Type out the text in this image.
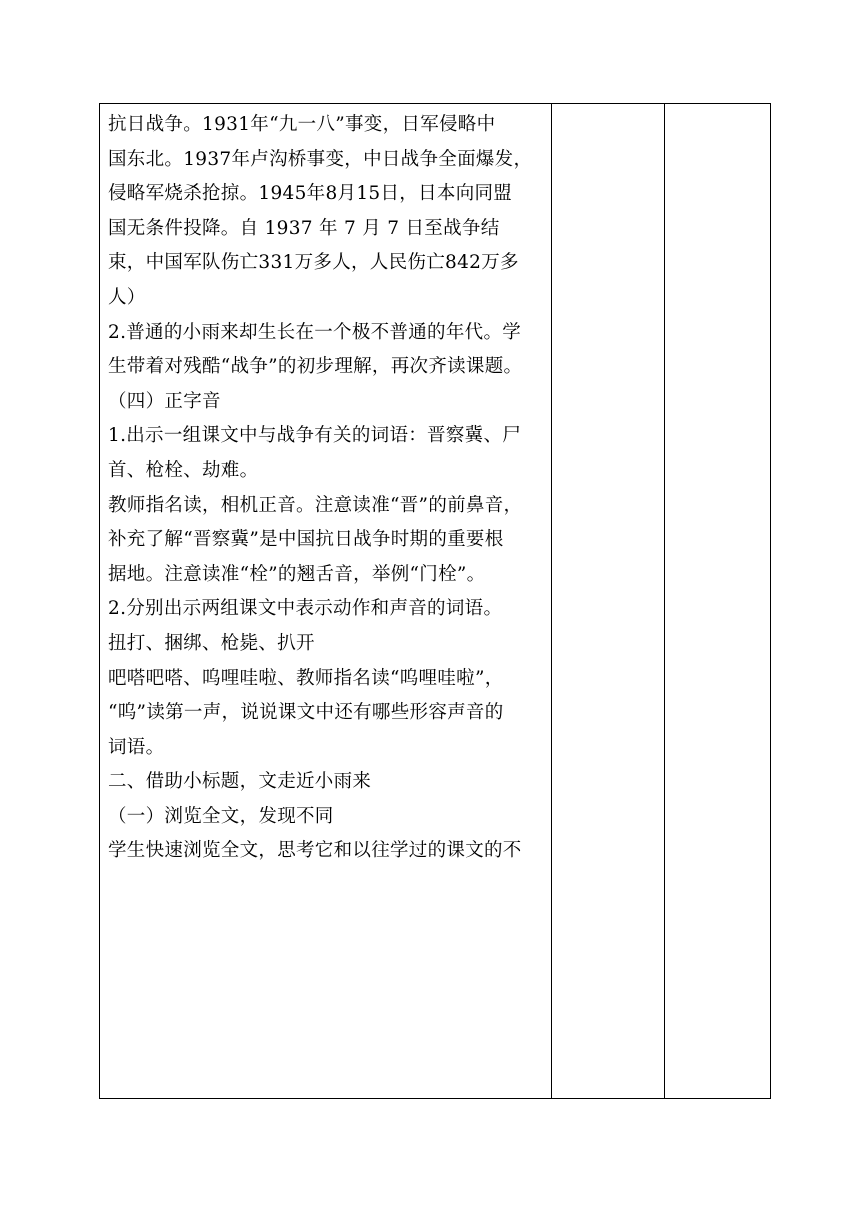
抗日战争。1931年“九一八”事变，日军侵略中

国东北。1937年卢沟桥事变，中日战争全面爆发，

侵略军烧杀抢掠。1945年8月15日，日本向同盟

国无条件投降。自 1937 年 7 月 7 日至战争结

束，中国军队伤亡331万多人，人民伤亡842万多

人）

2.普通的小雨来却生长在一个极不普通的年代。学

生带着对残酷“战争”的初步理解，再次齐读课题。

（四）正字音

1.出示一组课文中与战争有关的词语：晋察冀、尸

首、枪栓、劫难。

教师指名读，相机正音。注意读准“晋”的前鼻音，

补充了解“晋察冀”是中国抗日战争时期的重要根

据地。注意读准“栓”的翘舌音，举例“门栓”。

2.分别出示两组课文中表示动作和声音的词语。

扭打、捆绑、枪毙、扒开

吧嗒吧嗒、呜哩哇啦、教师指名读“呜哩哇啦”，

“呜”读第一声，说说课文中还有哪些形容声音的

词语。

二、借助小标题，文走近小雨来

（一）浏览全文，发现不同

学生快速浏览全文，思考它和以往学过的课文的不
